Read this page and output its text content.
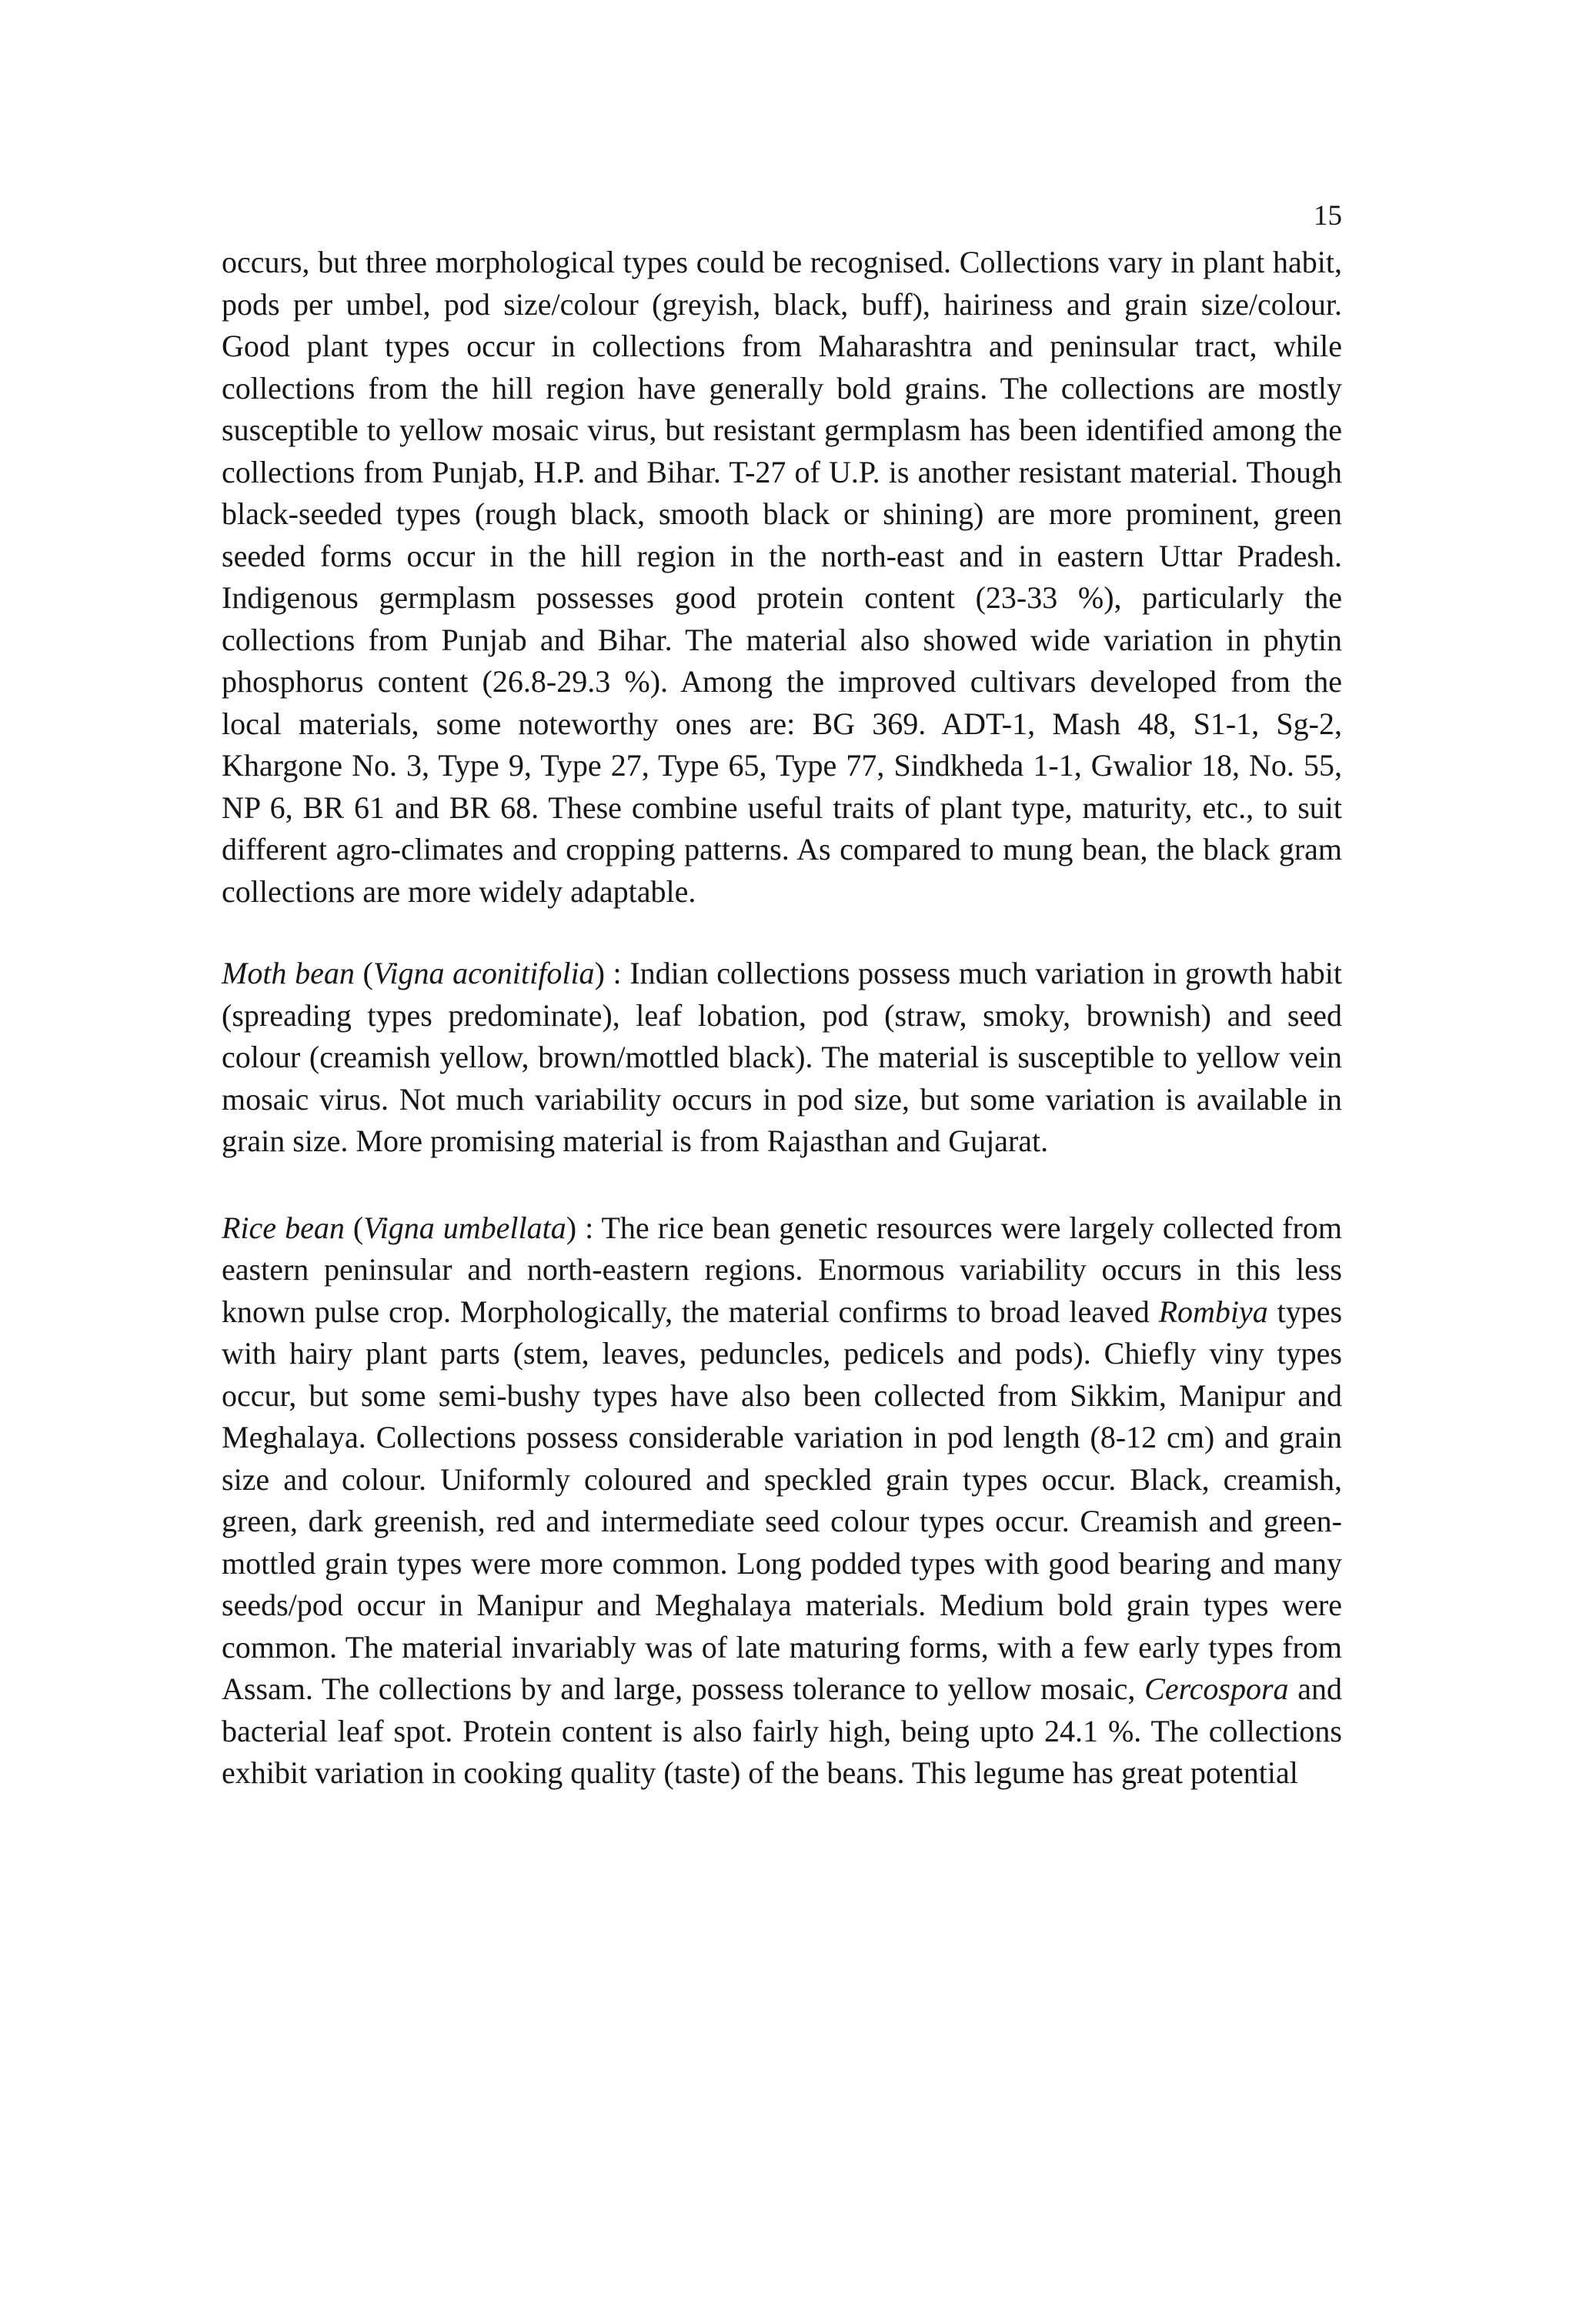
15

occurs, but three morphological types could be recognised. Collections vary in plant habit, pods per umbel, pod size/colour (greyish, black, buff), hairiness and grain size/colour. Good plant types occur in collections from Maharashtra and peninsular tract, while collections from the hill region have generally bold grains. The collections are mostly susceptible to yellow mosaic virus, but resistant germplasm has been identified among the collections from Punjab, H.P. and Bihar. T-27 of U.P. is another resistant material. Though black-seeded types (rough black, smooth black or shining) are more prominent, green seeded forms occur in the hill region in the north-east and in eastern Uttar Pradesh. Indigenous germplasm possesses good protein content (23-33 %), particularly the collections from Punjab and Bihar. The material also showed wide variation in phytin phosphorus content (26.8-29.3 %). Among the improved cultivars developed from the local materials, some noteworthy ones are: BG 369. ADT-1, Mash 48, S1-1, Sg-2, Khargone No. 3, Type 9, Type 27, Type 65, Type 77, Sindkheda 1-1, Gwalior 18, No. 55, NP 6, BR 61 and BR 68. These combine useful traits of plant type, maturity, etc., to suit different agro-climates and cropping patterns. As compared to mung bean, the black gram collections are more widely adaptable.

Moth bean (Vigna aconitifolia) : Indian collections possess much variation in growth habit (spreading types predominate), leaf lobation, pod (straw, smoky, brownish) and seed colour (creamish yellow, brown/mottled black). The material is susceptible to yellow vein mosaic virus. Not much variability occurs in pod size, but some variation is available in grain size. More promising material is from Rajasthan and Gujarat.

Rice bean (Vigna umbellata) : The rice bean genetic resources were largely collected from eastern peninsular and north-eastern regions. Enormous variability occurs in this less known pulse crop. Morphologically, the material confirms to broad leaved Rombiya types with hairy plant parts (stem, leaves, peduncles, pedicels and pods). Chiefly viny types occur, but some semi-bushy types have also been collected from Sikkim, Manipur and Meghalaya. Collections possess considerable variation in pod length (8-12 cm) and grain size and colour. Uniformly coloured and speckled grain types occur. Black, creamish, green, dark greenish, red and intermediate seed colour types occur. Creamish and green-mottled grain types were more common. Long podded types with good bearing and many seeds/pod occur in Manipur and Meghalaya materials. Medium bold grain types were common. The material invariably was of late maturing forms, with a few early types from Assam. The collections by and large, possess tolerance to yellow mosaic, Cercospora and bacterial leaf spot. Protein content is also fairly high, being upto 24.1 %. The collections exhibit variation in cooking quality (taste) of the beans. This legume has great potential
